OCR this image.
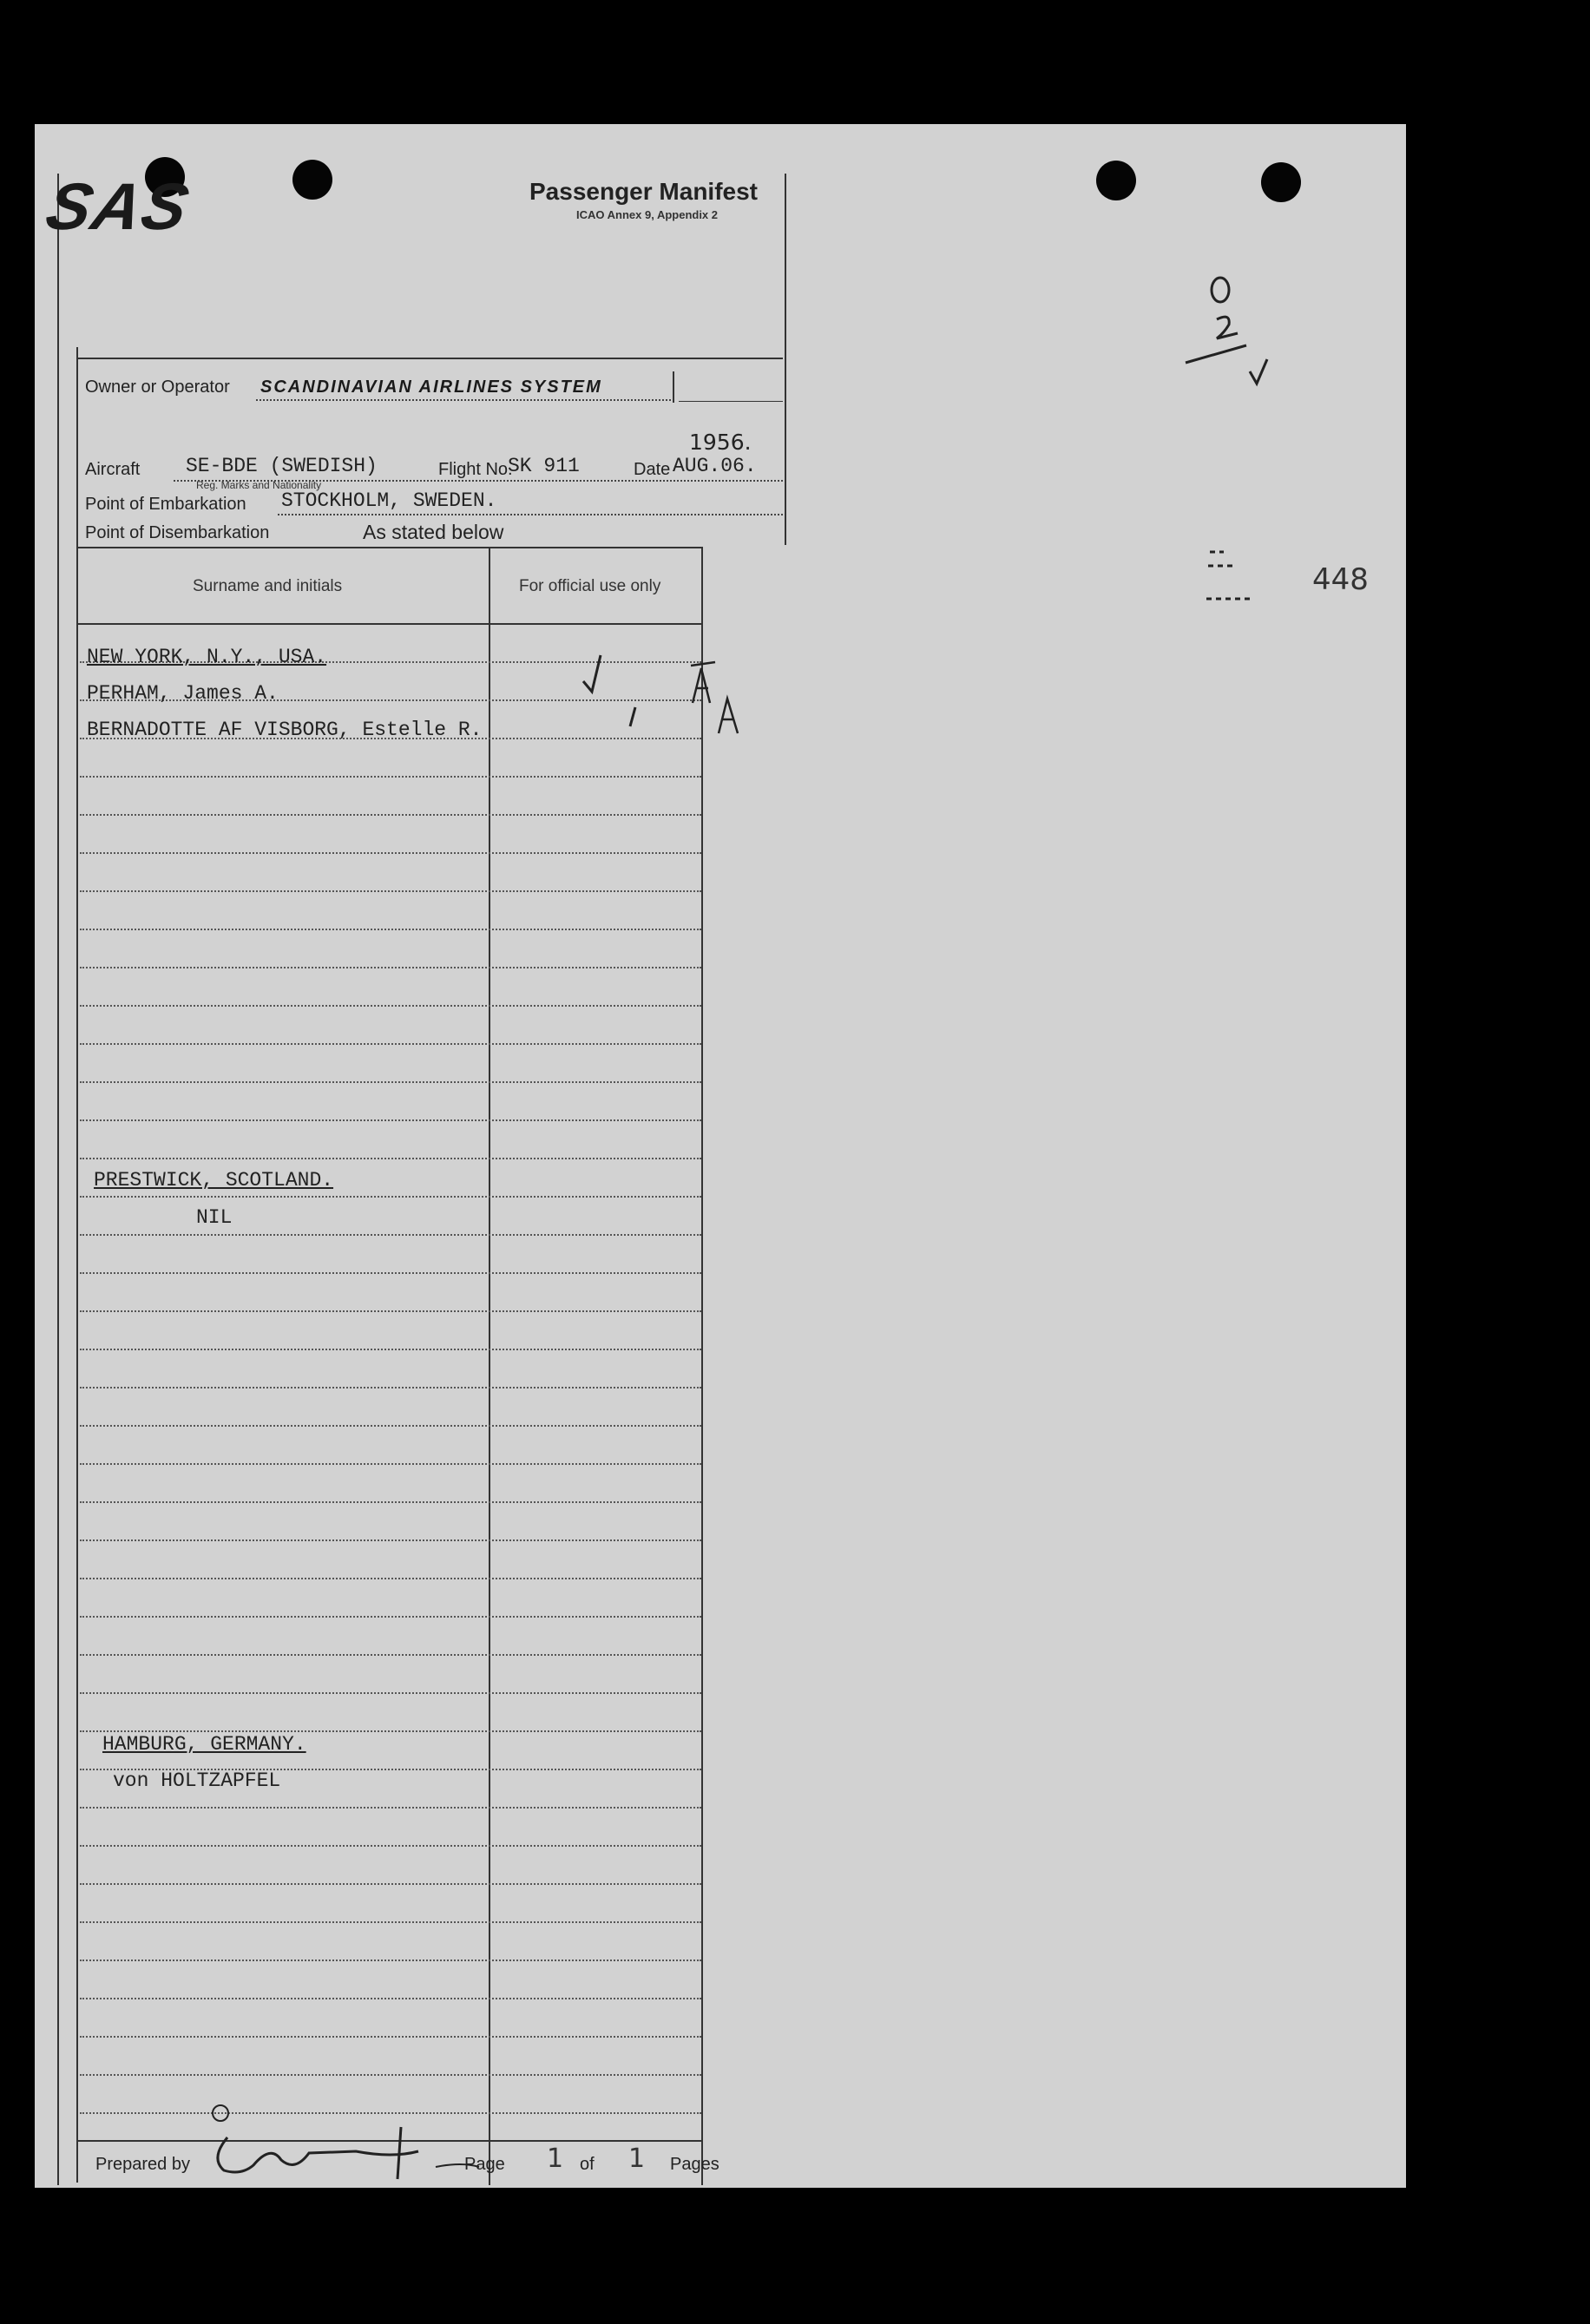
SAS	Passenger Manifest
ICAO Annex 9, Appendix 2
Owner or Operator SCANDINAVIAN AIRLINES SYSTEM
1956.
Aircraft SE-BDE (SWEDISH)
Reg. Marks and Nationality
Flight No.
SK 911	Date AUG.06.
Point of Embarkation STOCKHOLM, SWEDEN.
Point of Disembarkation	As stated below
Surname and initials	For official use only
NEW YORK, N.Y., USA.
PERHAM, James A.
BERNADOTTE AF VISBORG, Estelle R.
PRESTWICK, SCOTLAND.
NIL
HAMBURG, GERMANY.
von HOLTZAPFEL
Prepared by	Page 1 of 1 Pages
448
